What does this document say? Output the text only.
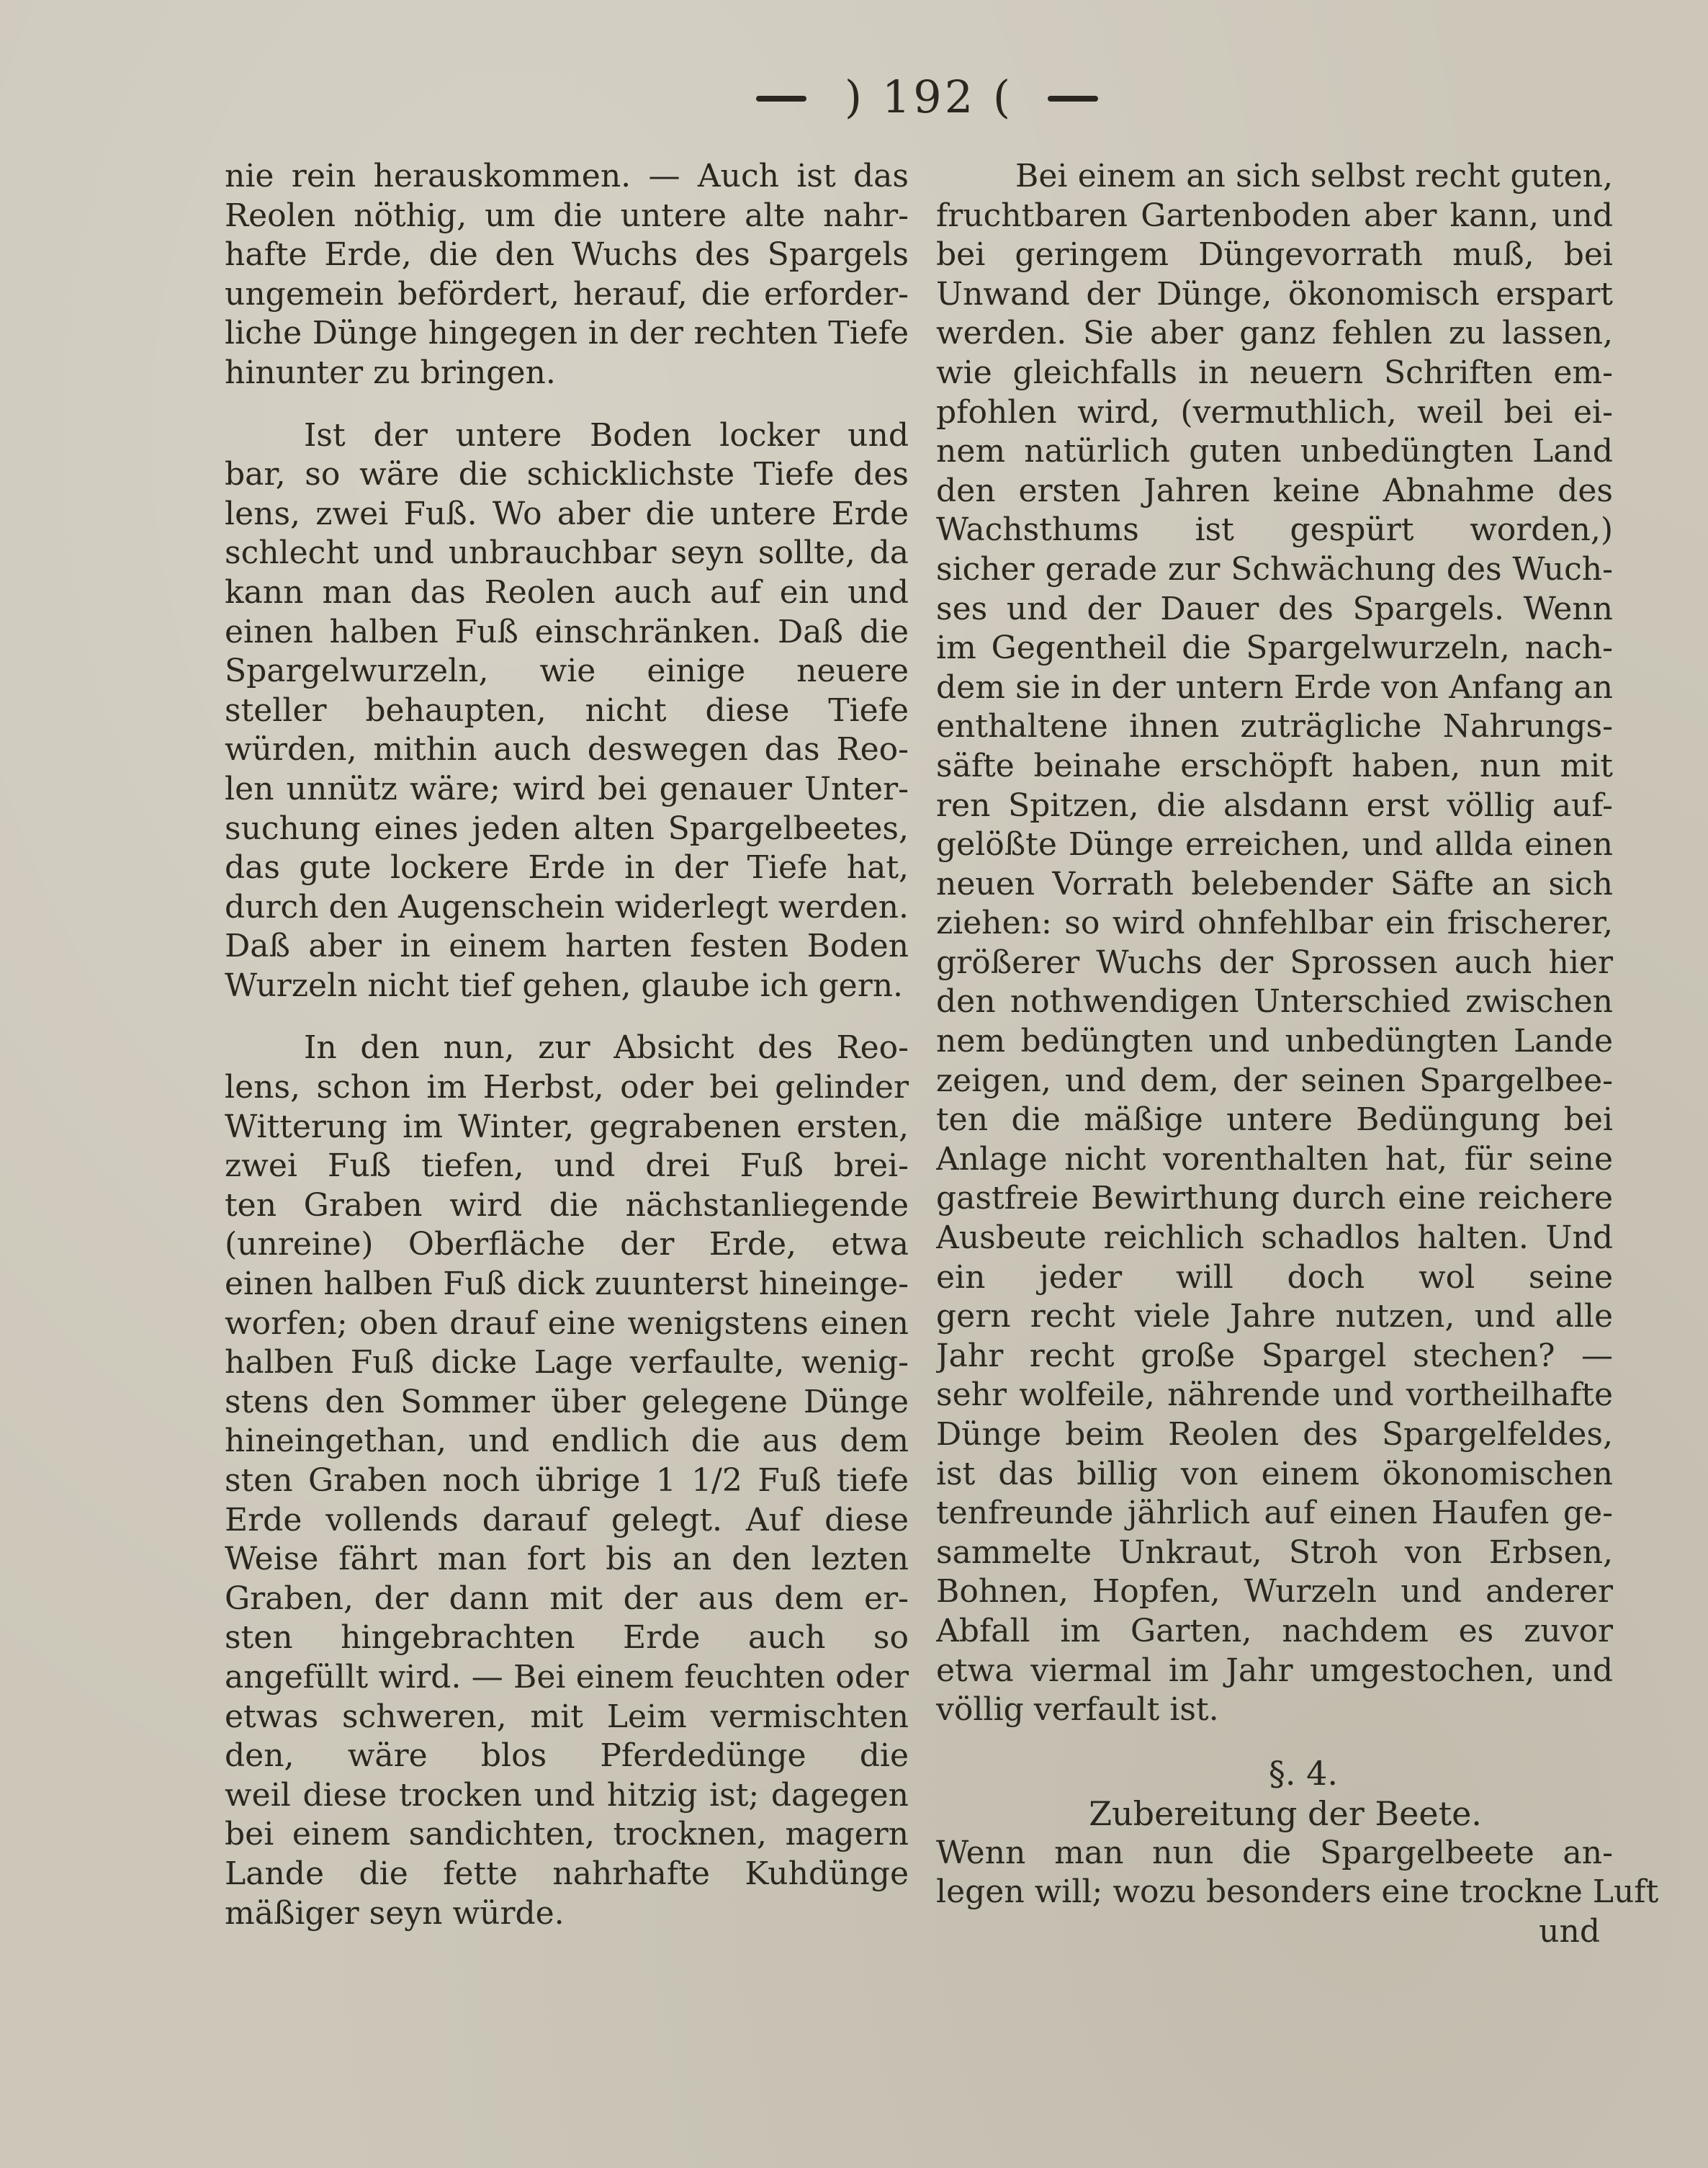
) 192 (
nie rein herauskommen. — Auch ist das
Reolen nöthig, um die untere alte nahr-
hafte Erde, die den Wuchs des Spargels
ungemein befördert, herauf, die erforder-
liche Dünge hingegen in der rechten Tiefe
hinunter zu bringen.
Ist der untere Boden locker und
bar, so wäre die schicklichste Tiefe des
lens, zwei Fuß. Wo aber die untere Erde
schlecht und unbrauchbar seyn sollte, da
kann man das Reolen auch auf ein und
einen halben Fuß einschränken. Daß die
Spargelwurzeln, wie einige neuere
steller behaupten, nicht diese Tiefe
würden, mithin auch deswegen das Reo-
len unnütz wäre; wird bei genauer Unter-
suchung eines jeden alten Spargelbeetes,
das gute lockere Erde in der Tiefe hat,
durch den Augenschein widerlegt werden.
Daß aber in einem harten festen Boden
Wurzeln nicht tief gehen, glaube ich gern.
In den nun, zur Absicht des Reo-
lens, schon im Herbst, oder bei gelinder
Witterung im Winter, gegrabenen ersten,
zwei Fuß tiefen, und drei Fuß brei-
ten Graben wird die nächstanliegende
(unreine) Oberfläche der Erde, etwa
einen halben Fuß dick zuunterst hineinge-
worfen; oben drauf eine wenigstens einen
halben Fuß dicke Lage verfaulte, wenig-
stens den Sommer über gelegene Dünge
hineingethan, und endlich die aus dem
sten Graben noch übrige 1 1/2 Fuß tiefe
Erde vollends darauf gelegt. Auf diese
Weise fährt man fort bis an den lezten
Graben, der dann mit der aus dem er-
sten hingebrachten Erde auch so
angefüllt wird. — Bei einem feuchten oder
etwas schweren, mit Leim vermischten
den, wäre blos Pferdedünge die
weil diese trocken und hitzig ist; dagegen
bei einem sandichten, trocknen, magern
Lande die fette nahrhafte Kuhdünge
mäßiger seyn würde.
Bei einem an sich selbst recht guten,
fruchtbaren Gartenboden aber kann, und
bei geringem Düngevorrath muß, bei
Unwand der Dünge, ökonomisch erspart
werden. Sie aber ganz fehlen zu lassen,
wie gleichfalls in neuern Schriften em-
pfohlen wird, (vermuthlich, weil bei ei-
nem natürlich guten unbedüngten Land
den ersten Jahren keine Abnahme des
Wachsthums ist gespürt worden,)
sicher gerade zur Schwächung des Wuch-
ses und der Dauer des Spargels. Wenn
im Gegentheil die Spargelwurzeln, nach-
dem sie in der untern Erde von Anfang an
enthaltene ihnen zuträgliche Nahrungs-
säfte beinahe erschöpft haben, nun mit
ren Spitzen, die alsdann erst völlig auf-
gelößte Dünge erreichen, und allda einen
neuen Vorrath belebender Säfte an sich
ziehen: so wird ohnfehlbar ein frischerer,
größerer Wuchs der Sprossen auch hier
den nothwendigen Unterschied zwischen
nem bedüngten und unbedüngten Lande
zeigen, und dem, der seinen Spargelbee-
ten die mäßige untere Bedüngung bei
Anlage nicht vorenthalten hat, für seine
gastfreie Bewirthung durch eine reichere
Ausbeute reichlich schadlos halten. Und
ein jeder will doch wol seine
gern recht viele Jahre nutzen, und alle
Jahr recht große Spargel stechen? —
sehr wolfeile, nährende und vortheilhafte
Dünge beim Reolen des Spargelfeldes,
ist das billig von einem ökonomischen
tenfreunde jährlich auf einen Haufen ge-
sammelte Unkraut, Stroh von Erbsen,
Bohnen, Hopfen, Wurzeln und anderer
Abfall im Garten, nachdem es zuvor
etwa viermal im Jahr umgestochen, und
völlig verfault ist.
§. 4.
Zubereitung der Beete.
Wenn man nun die Spargelbeete an-
legen will; wozu besonders eine trockne Luft
und
